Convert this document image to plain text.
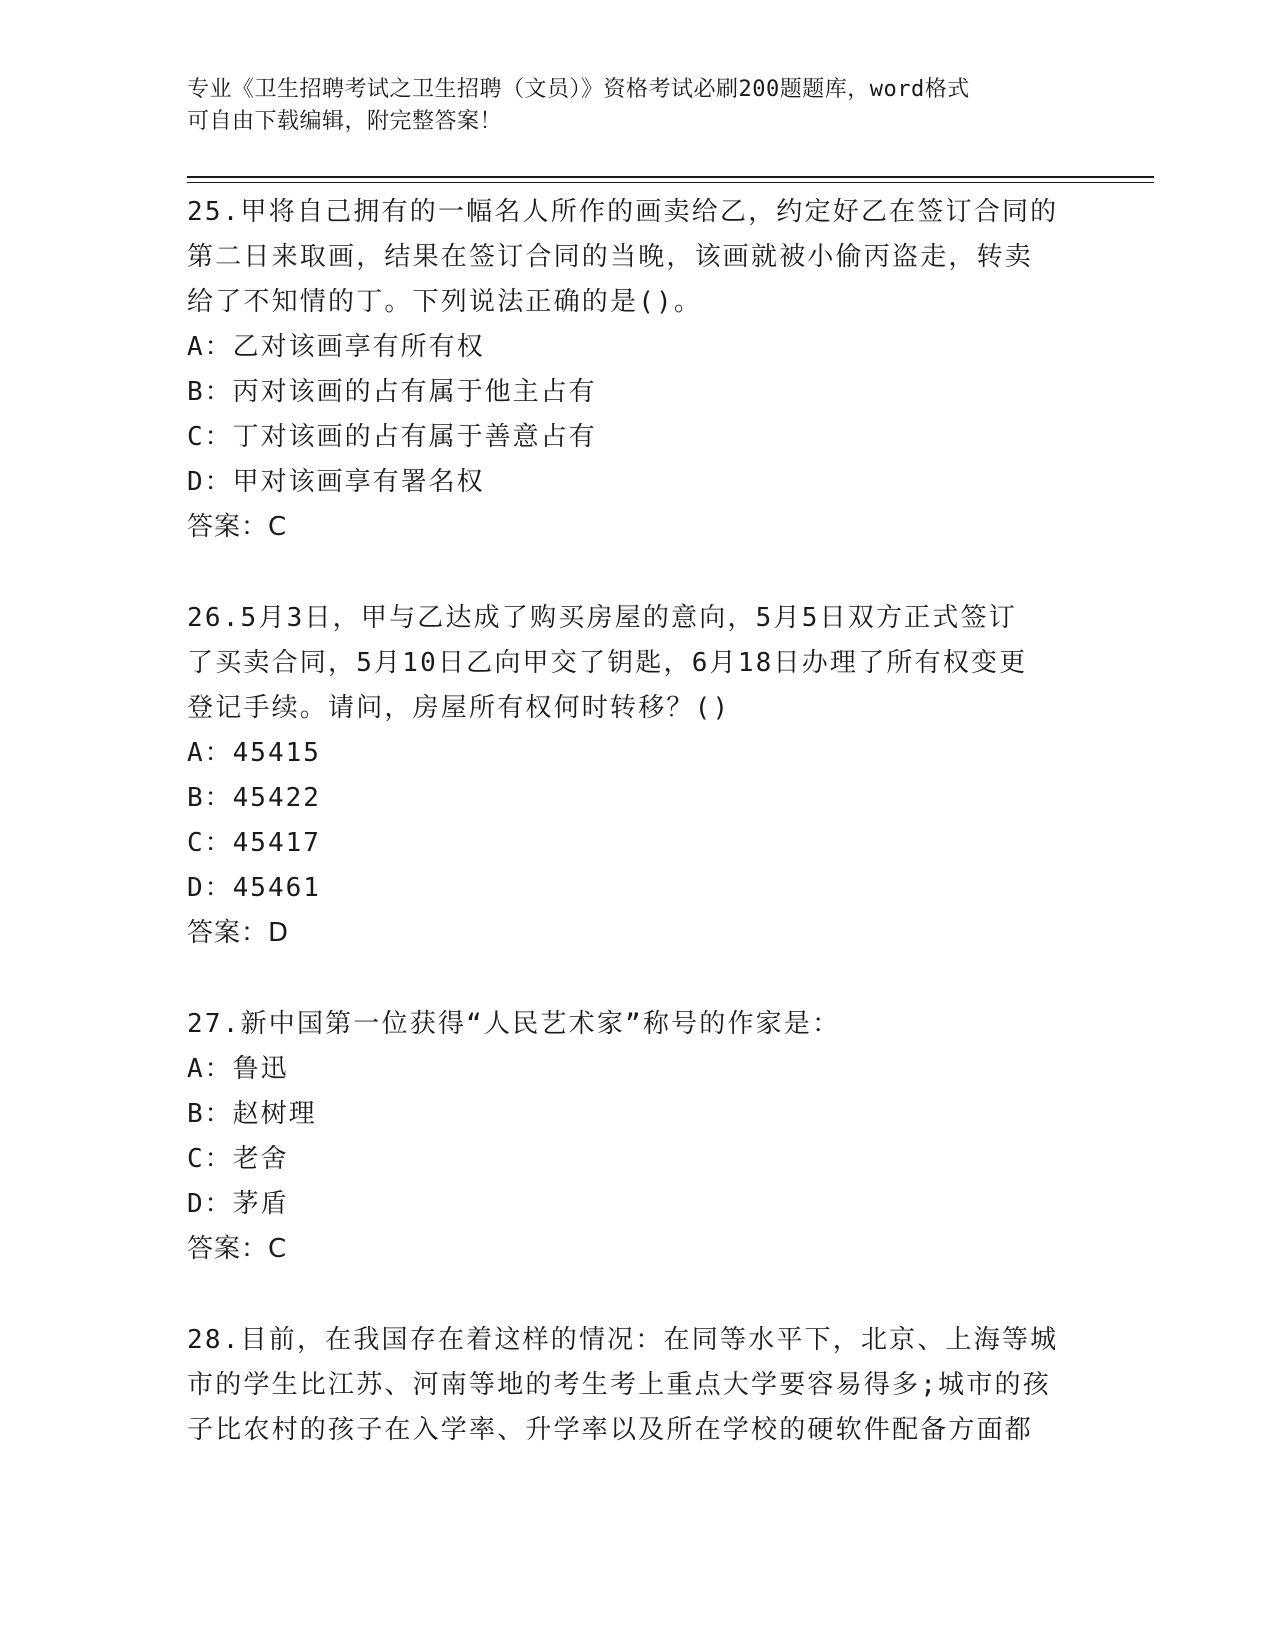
专业《卫生招聘考试之卫生招聘（文员）》资格考试必刷200题题库，word格式
可自由下载编辑，附完整答案！
25.甲将自己拥有的一幅名人所作的画卖给乙，约定好乙在签订合同的
第二日来取画，结果在签订合同的当晚，该画就被小偷丙盗走，转卖
给了不知情的丁。下列说法正确的是()。
A：乙对该画享有所有权
B：丙对该画的占有属于他主占有
C：丁对该画的占有属于善意占有
D：甲对该画享有署名权
答案：C
26.5月3日，甲与乙达成了购买房屋的意向，5月5日双方正式签订
了买卖合同，5月10日乙向甲交了钥匙，6月18日办理了所有权变更
登记手续。请问，房屋所有权何时转移？()
A：45415
B：45422
C：45417
D：45461
答案：D
27.新中国第一位获得“人民艺术家”称号的作家是：
A：鲁迅
B：赵树理
C：老舍
D：茅盾
答案：C
28.目前，在我国存在着这样的情况：在同等水平下，北京、上海等城
市的学生比江苏、河南等地的考生考上重点大学要容易得多;城市的孩
子比农村的孩子在入学率、升学率以及所在学校的硬软件配备方面都
